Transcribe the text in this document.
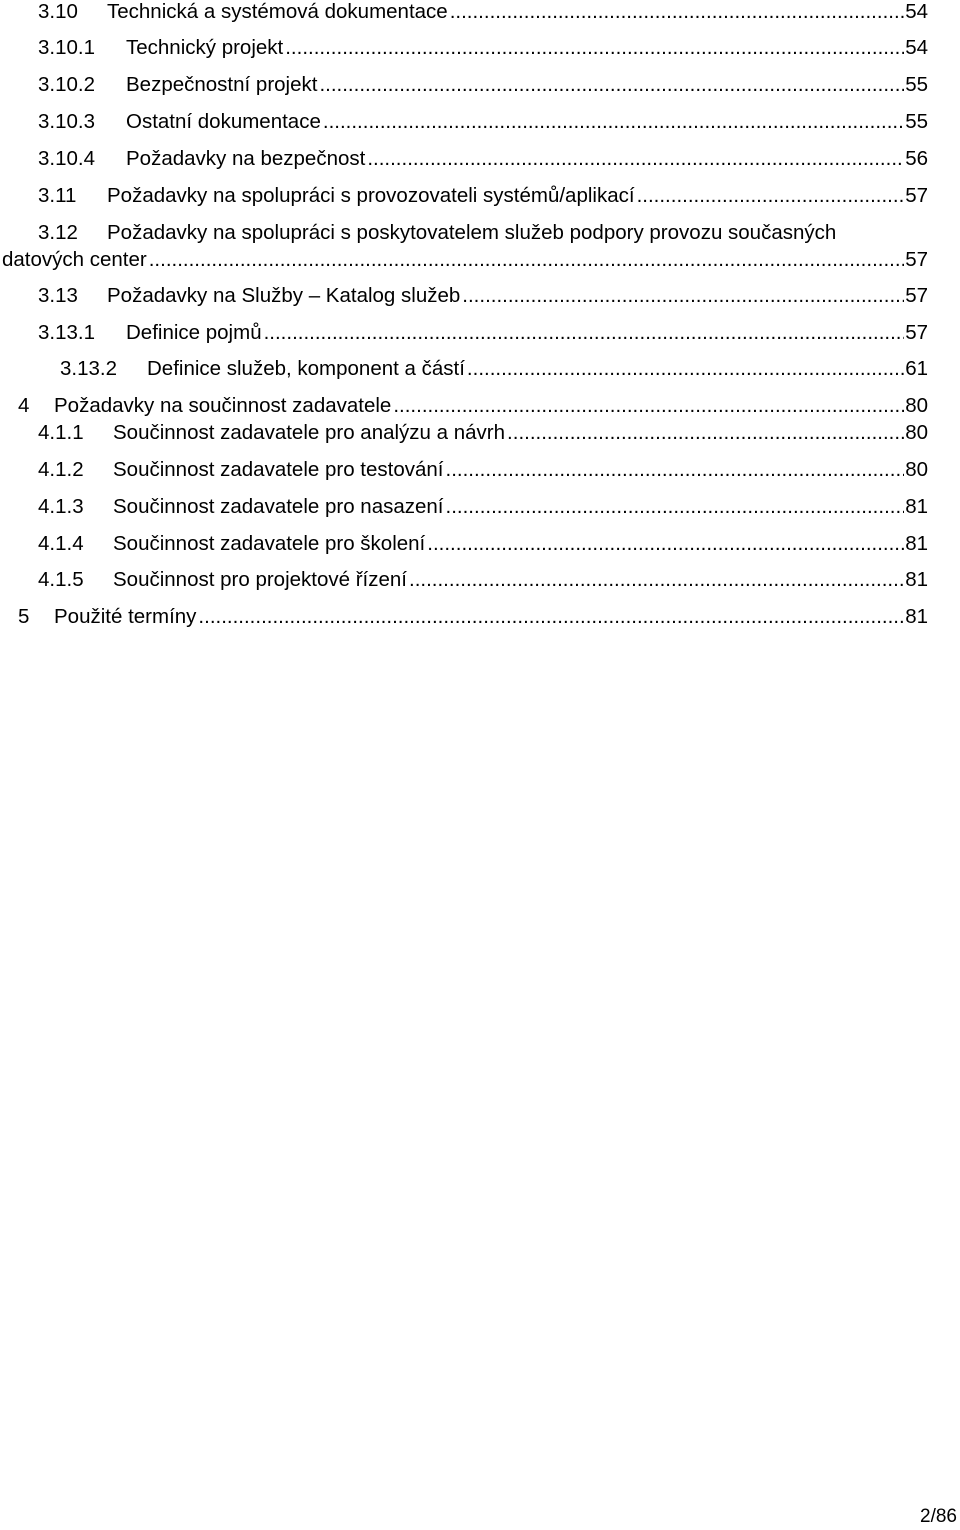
3.10	Technická a systémová dokumentace .....	54
3.10.1	Technický projekt .....	54
3.10.2	Bezpečnostní projekt .....	55
3.10.3	Ostatní dokumentace .....	55
3.10.4	Požadavky na bezpečnost .....	56
3.11	Požadavky na spolupráci s provozovateli systémů/aplikací .....	57
3.12	Požadavky na spolupráci s poskytovatelem služeb podpory provozu současných
datových center .....	57
3.13	Požadavky na Služby – Katalog služeb .....	57
3.13.1	Definice pojmů .....	57
3.13.2	Definice služeb, komponent a částí .....	61
4	Požadavky na součinnost zadavatele .....	80
4.1.1	Součinnost zadavatele pro analýzu a návrh .....	80
4.1.2	Součinnost zadavatele pro testování .....	80
4.1.3	Součinnost zadavatele pro nasazení .....	81
4.1.4	Součinnost zadavatele pro školení .....	81
4.1.5	Součinnost pro projektové řízení .....	81
5	Použité termíny .....	81
2/86
